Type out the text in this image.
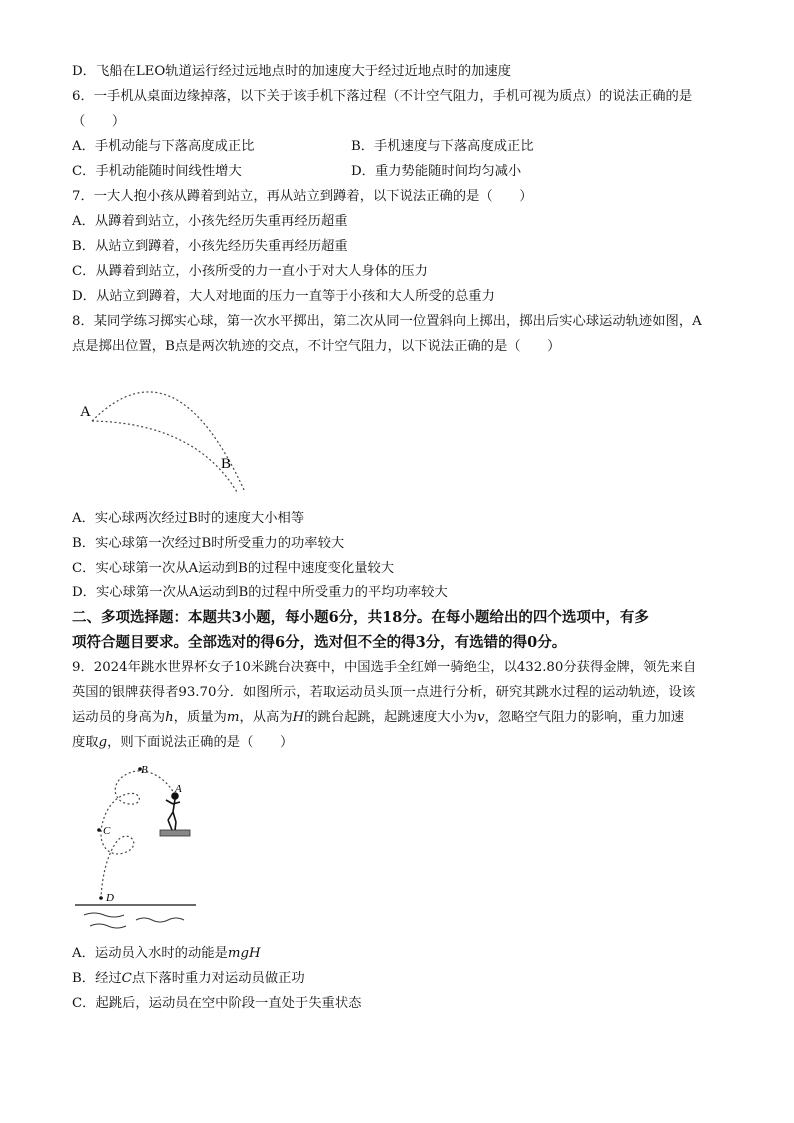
D．飞船在LEO轨道运行经过远地点时的加速度大于经过近地点时的加速度
6．一手机从桌面边缘掉落，以下关于该手机下落过程（不计空气阻力，手机可视为质点）的说法正确的是
（　　）
A．手机动能与下落高度成正比	B．手机速度与下落高度成正比
C．手机动能随时间线性增大	D．重力势能随时间均匀减小
7．一大人抱小孩从蹲着到站立，再从站立到蹲着，以下说法正确的是（　　）
A．从蹲着到站立，小孩先经历失重再经历超重
B．从站立到蹲着，小孩先经历失重再经历超重
C．从蹲着到站立，小孩所受的力一直小于对大人身体的压力
D．从站立到蹲着，大人对地面的压力一直等于小孩和大人所受的总重力
8．某同学练习掷实心球，第一次水平掷出，第二次从同一位置斜向上掷出，掷出后实心球运动轨迹如图，A
点是掷出位置，B点是两次轨迹的交点，不计空气阻力，以下说法正确的是（　　）
A
B
A．实心球两次经过B时的速度大小相等
B．实心球第一次经过B时所受重力的功率较大
C．实心球第一次从A运动到B的过程中速度变化量较大
D．实心球第一次从A运动到B的过程中所受重力的平均功率较大
二、多项选择题：本题共3小题，每小题6分，共18分。在每小题给出的四个选项中，有多
项符合题目要求。全部选对的得6分，选对但不全的得3分，有选错的得0分。
9．2024年跳水世界杯女子10米跳台决赛中，中国选手全红婵一骑绝尘，以432.80分获得金牌，领先来自
英国的银牌获得者93.70分．如图所示，若取运动员头顶一点进行分析，研究其跳水过程的运动轨迹，设该
运动员的身高为h，质量为m，从高为H的跳台起跳，起跳速度大小为v，忽略空气阻力的影响，重力加速
度取g，则下面说法正确的是（　　）
B
A
C
D
A．运动员入水时的动能是mgH
B．经过C点下落时重力对运动员做正功
C．起跳后，运动员在空中阶段一直处于失重状态
